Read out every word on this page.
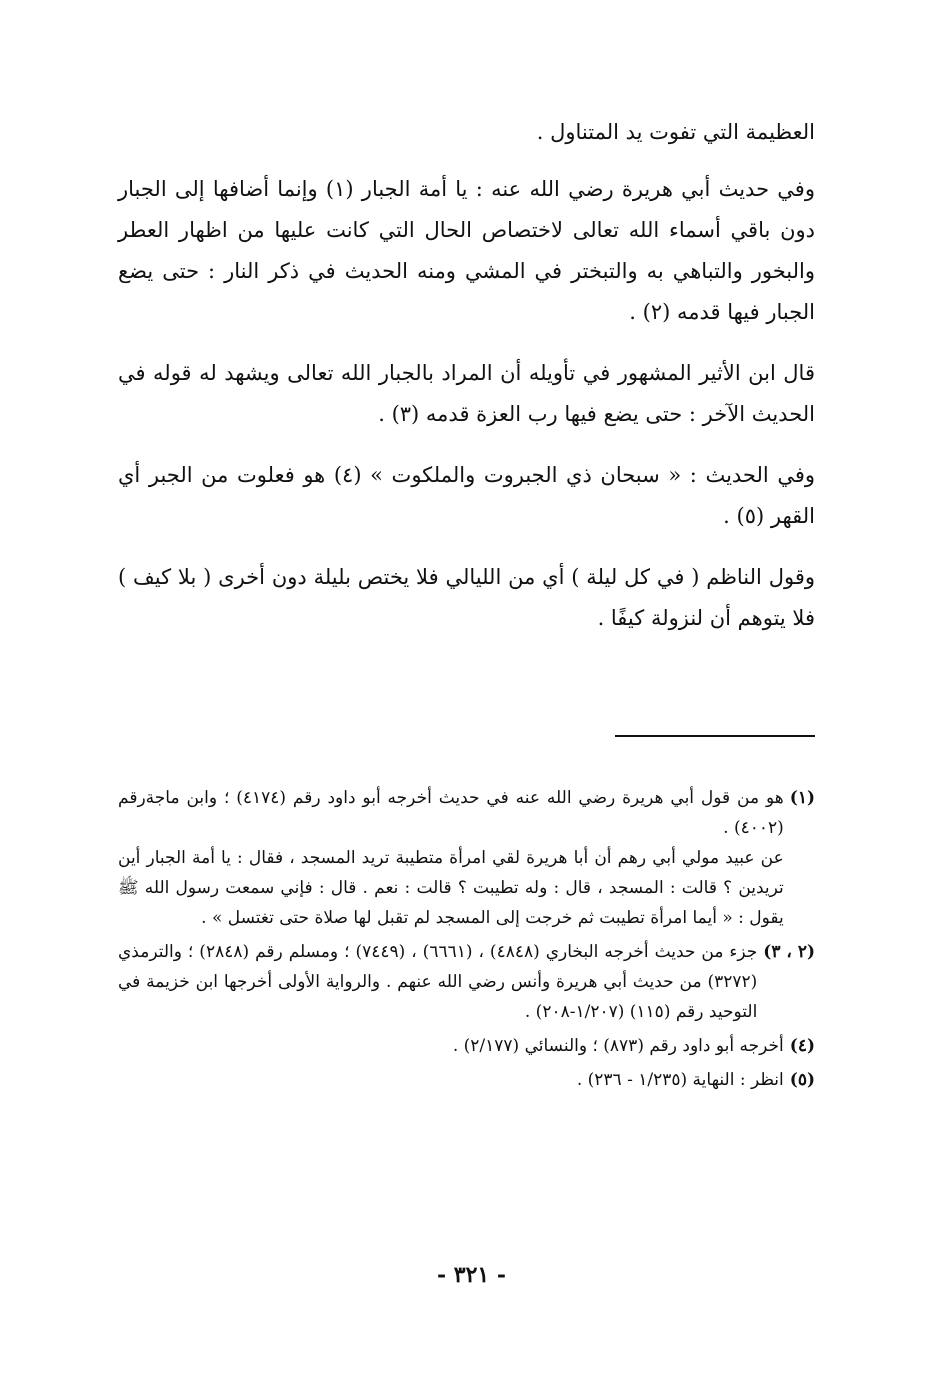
العظيمة التي تفوت يد المتناول .

وفي حديث أبي هريرة رضي الله عنه : يا أمة الجبار (١) وإنما أضافها إلى الجبار دون باقي أسماء الله تعالى لاختصاص الحال التي كانت عليها من اظهار العطر والبخور والتباهي به والتبختر في المشي ومنه الحديث في ذكر النار : حتى يضع الجبار فيها قدمه (٢) .

قال ابن الأثير المشهور في تأويله أن المراد بالجبار الله تعالى ويشهد له قوله في الحديث الآخر : حتى يضع فيها رب العزة قدمه (٣) .

وفي الحديث : « سبحان ذي الجبروت والملكوت » (٤) هو فعلوت من الجبر أي القهر (٥) .

وقول الناظم ( في كل ليلة ) أي من الليالي فلا يختص بليلة دون أخرى ( بلا كيف ) فلا يتوهم أن لنزولة كيفًا .

(١)
هو من قول أبي هريرة رضي الله عنه في حديث أخرجه أبو داود رقم (٤١٧٤) ؛ وابن ماجةرقم (٤٠٠٢) .
عن عبيد مولي أبي رهم أن أبا هريرة لقي امرأة متطيبة تريد المسجد ، فقال : يا أمة الجبار أين تريدين ؟ قالت : المسجد ، قال : وله تطيبت ؟ قالت : نعم . قال : فإني سمعت رسول الله ﷺ يقول : « أيما امرأة تطيبت ثم خرجت إلى المسجد لم تقبل لها صلاة حتى تغتسل » .
(٢ ، ٣)
جزء من حديث أخرجه البخاري (٤٨٤٨) ، (٦٦٦١) ، (٧٤٤٩) ؛ ومسلم رقم (٢٨٤٨) ؛ والترمذي (٣٢٧٢) من حديث أبي هريرة وأنس رضي الله عنهم . والرواية الأولى أخرجها ابن خزيمة في التوحيد رقم (١١٥) (١/٢٠٧-٢٠٨) .
(٤)
أخرجه أبو داود رقم (٨٧٣) ؛ والنسائي (٢/١٧٧) .
(٥)
انظر : النهاية (١/٢٣٥ - ٢٣٦) .
- ٣٢١ -
